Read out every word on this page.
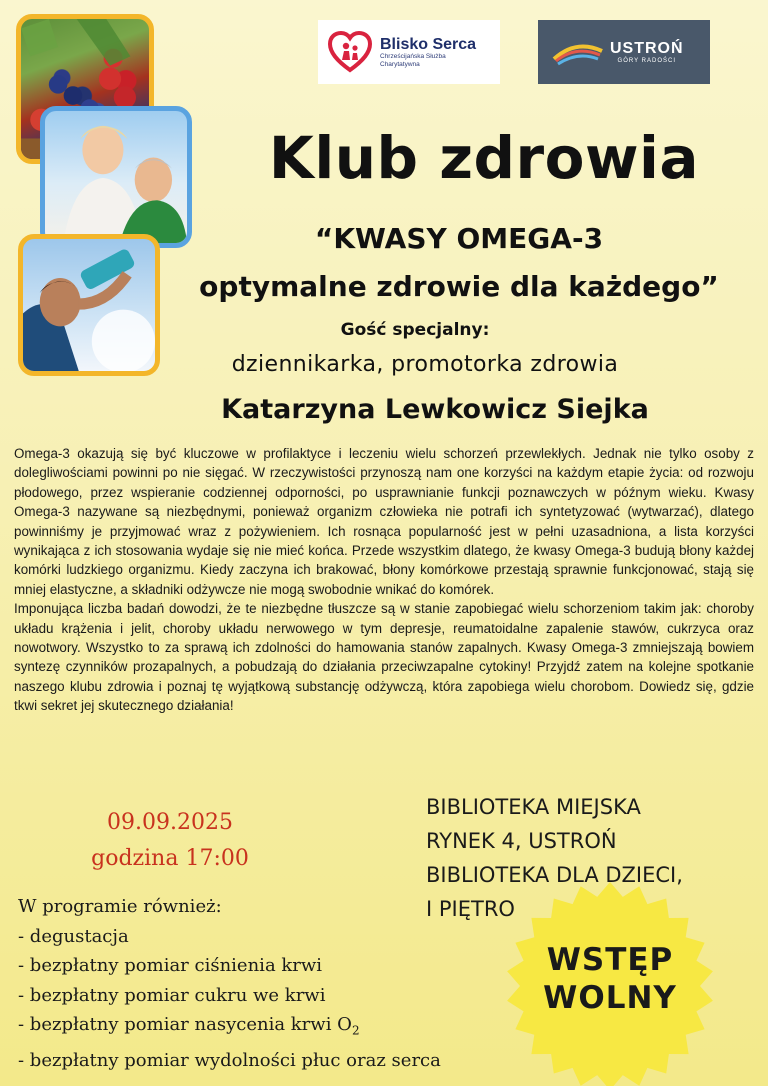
Blisko Serca
Chrześcijańska Służba Charytatywna
USTROŃ
GÓRY RADOŚCI
Klub zdrowia
“KWASY OMEGA-3
optymalne zdrowie dla każdego”
Gość specjalny:
dziennikarka, promotorka zdrowia
Katarzyna Lewkowicz Siejka

Omega-3 okazują się być kluczowe w profilaktyce i leczeniu wielu schorzeń przewlekłych. Jednak nie tylko osoby z dolegliwościami powinni po nie sięgać. W rzeczywistości przynoszą nam one korzyści na każdym etapie życia: od rozwoju płodowego, przez wspieranie codziennej odporności, po usprawnianie funkcji poznawczych w późnym wieku. Kwasy Omega-3 nazywane są niezbędnymi, ponieważ organizm człowieka nie potrafi ich syntetyzować (wytwarzać), dlatego powinniśmy je przyjmować wraz z pożywieniem. Ich rosnąca popularność jest w pełni uzasadniona, a lista korzyści wynikająca z ich stosowania wydaje się nie mieć końca. Przede wszystkim dlatego, że kwasy Omega-3 budują błony każdej komórki ludzkiego organizmu. Kiedy zaczyna ich brakować, błony komórkowe przestają sprawnie funkcjonować, stają się mniej elastyczne, a składniki odżywcze nie mogą swobodnie wnikać do komórek.

Imponująca liczba badań dowodzi, że te niezbędne tłuszcze są w stanie zapobiegać wielu schorzeniom takim jak: choroby układu krążenia i jelit, choroby układu nerwowego w tym depresje, reumatoidalne zapalenie stawów, cukrzyca oraz nowotwory. Wszystko to za sprawą ich zdolności do hamowania stanów zapalnych. Kwasy Omega-3 zmniejszają bowiem syntezę czynników prozapalnych, a pobudzają do działania przeciwzapalne cytokiny! Przyjdź zatem na kolejne spotkanie naszego klubu zdrowia i poznaj tę wyjątkową substancję odżywczą, która zapobiega wielu chorobom. Dowiedz się, gdzie tkwi sekret jej skutecznego działania!

09.09.2025
godzina 17:00
BIBLIOTEKA MIEJSKA
RYNEK 4, USTROŃ
BIBLIOTEKA DLA DZIECI,
I PIĘTRO
W programie również:
- degustacja
- bezpłatny pomiar ciśnienia krwi
- bezpłatny pomiar cukru we krwi
- bezpłatny pomiar nasycenia krwi $O_2$
- bezpłatny pomiar wydolności płuc oraz serca
WSTĘP
WOLNY
